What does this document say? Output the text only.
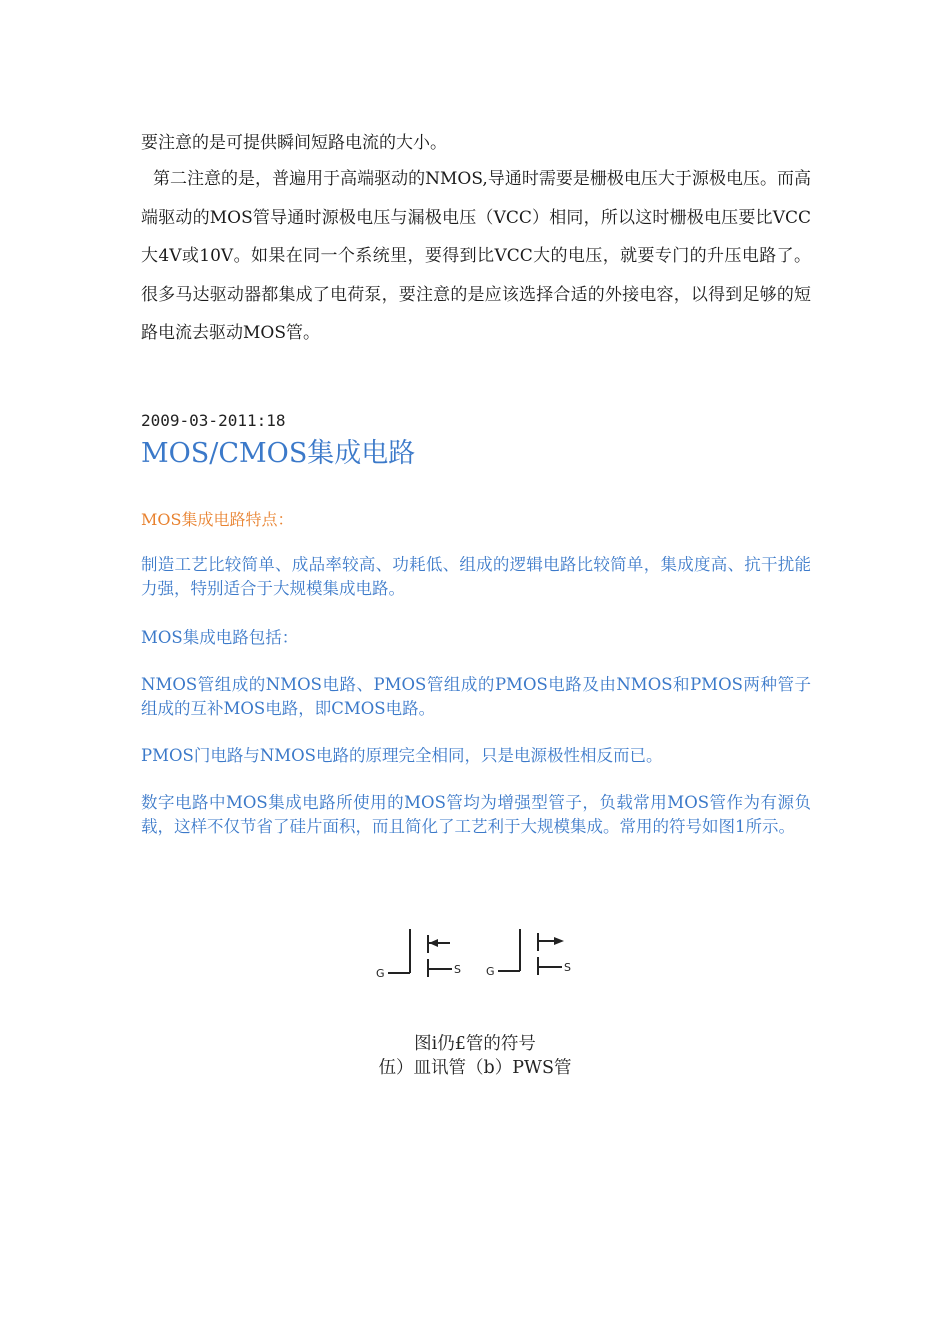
要注意的是可提供瞬间短路电流的大小。

第二注意的是，普遍用于高端驱动的NMOS,导通时需要是栅极电压大于源极电压。而高端驱动的MOS管导通时源极电压与漏极电压（VCC）相同，所以这时栅极电压要比VCC大4V或10V。如果在同一个系统里，要得到比VCC大的电压，就要专门的升压电路了。很多马达驱动器都集成了电荷泵，要注意的是应该选择合适的外接电容，以得到足够的短路电流去驱动MOS管。

2009-03-2011:18

MOS/CMOS集成电路

MOS集成电路特点：

制造工艺比较简单、成品率较高、功耗低、组成的逻辑电路比较简单，集成度高、抗干扰能力强，特别适合于大规模集成电路。

MOS集成电路包括：

NMOS管组成的NMOS电路、PMOS管组成的PMOS电路及由NMOS和PMOS两种管子组成的互补MOS电路，即CMOS电路。

PMOS门电路与NMOS电路的原理完全相同，只是电源极性相反而已。

数字电路中MOS集成电路所使用的MOS管均为增强型管子，负载常用MOS管作为有源负载，这样不仅节省了硅片面积，而且简化了工艺利于大规模集成。常用的符号如图1所示。

G	S G	S

图i仍£管的符号

伍）皿讯管（b）PWS管
